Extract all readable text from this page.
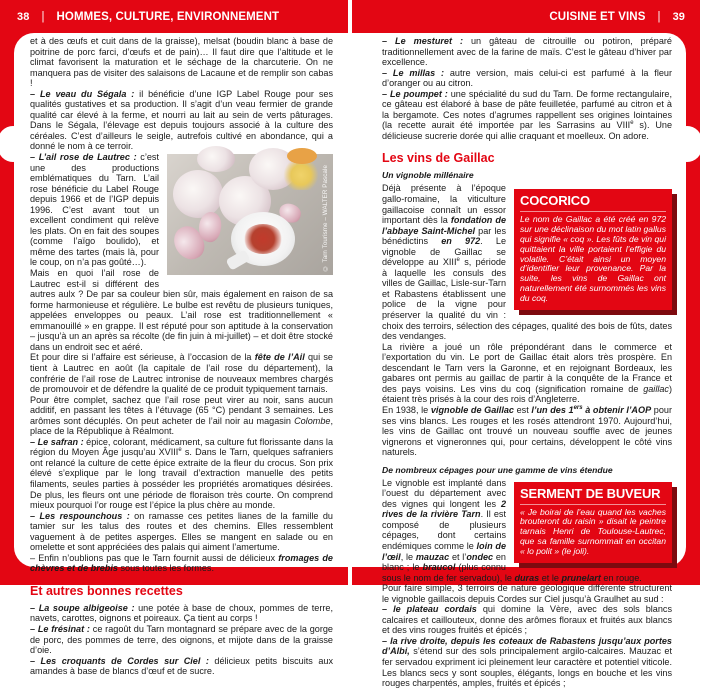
38 | HOMMES, CULTURE, ENVIRONNEMENT

et à des œufs et cuit dans de la graisse), melsat (boudin blanc à base de poitrine de porc farci, d’œufs et de pain)… Il faut dire que l’altitude et le climat favorisent la maturation et le séchage de la charcuterie. On ne manquera pas de visiter des salaisons de Lacaune et de remplir son cabas !

– Le veau du Ségala : il bénéficie d’une IGP Label Rouge pour ses qualités gustatives et sa production. Il s’agit d’un veau fermier de grande qualité car élevé à la ferme, et nourri au lait au sein de verts pâturages. Dans le Ségala, l’élevage est depuis toujours associé à la culture des céréales. C’est d’ailleurs le seigle, autrefois cultivé en abondance, qui a donné le nom à ce terroir.

© Tarn Tourisme – WALTER Pascale

– L’ail rose de Lautrec : c’est une des productions emblématiques du Tarn. L’ail rose bénéficie du Label Rouge depuis 1966 et de l’IGP depuis 1996. C’est avant tout un excellent condiment qui relève les plats. On en fait des soupes (comme l’aïgo boulido), et même des tartes (mais là, pour le coup, on n’a pas goûté…).

Mais en quoi l’ail rose de Lautrec est-il si différent des autres aulx ? De par sa couleur bien sûr, mais également en raison de sa forme harmonieuse et régulière. Le bulbe est revêtu de plusieurs tuniques, appelées enveloppes ou peaux. L’ail rose est traditionnellement « emmanouillé » en grappe. Il est réputé pour son aptitude à la conservation – jusqu’à un an après sa récolte (de fin juin à mi-juillet) – et doit être stocké dans un endroit sec et aéré.

Et pour dire si l’affaire est sérieuse, à l’occasion de la fête de l’Ail qui se tient à Lautrec en août (la capitale de l’ail rose du département), la confrérie de l’ail rose de Lautrec intronise de nouveaux membres chargés de promouvoir et de défendre la qualité de ce produit typiquement tarnais.

Pour être complet, sachez que l’ail rose peut virer au noir, sans aucun additif, en passant les têtes à l’étuvage (65 °C) pendant 3 semaines. Les arômes sont décuplés. On peut acheter de l’ail noir au magasin Colombe, place de la République à Réalmont.

– Le safran : épice, colorant, médicament, sa culture fut florissante dans la région du Moyen Âge jusqu’au XVIIIe s. Dans le Tarn, quelques safraniers ont relancé la culture de cette épice extraite de la fleur du crocus. Son prix élevé s’explique par le long travail d’extraction manuelle des petits filaments, seules parties à posséder les propriétés aromatiques désirées. De plus, les fleurs ont une période de floraison très courte. On comprend mieux pourquoi l’or rouge est l’épice la plus chère au monde.

– Les respounchous : on ramasse ces petites lianes de la famille du tamier sur les talus des routes et des chemins. Elles ressemblent vaguement à de petites asperges. Elles se mangent en salade ou en omelette et sont appréciées des palais qui aiment l’amertume.

– Enfin n’oublions pas que le Tarn fournit aussi de délicieux fromages de chèvres et de brebis sous toutes les formes.

Et autres bonnes recettes

– La soupe albigeoise : une potée à base de choux, pommes de terre, navets, carottes, oignons et poireaux. Ça tient au corps !

– Le frésinat : ce ragoût du Tarn montagnard se prépare avec de la gorge de porc, des pommes de terre, des oignons, et mijote dans de la graisse d’oie.

– Les croquants de Cordes sur Ciel : délicieux petits biscuits aux amandes à base de blancs d’œuf et de sucre.

CUISINE ET VINS | 39

– Le mesturet : un gâteau de citrouille ou potiron, préparé traditionnellement avec de la farine de maïs. C’est le gâteau d’hiver par excellence.

– Le millas : autre version, mais celui-ci est parfumé à la fleur d’oranger ou au citron.

– Le poumpet : une spécialité du sud du Tarn. De forme rectangulaire, ce gâteau est élaboré à base de pâte feuilletée, parfumé au citron et à la bergamote. Ces notes d’agrumes rappellent ses origines lointaines (la recette aurait été importée par les Sarrasins au VIIIe s). Une délicieuse sucrerie dorée qui allie craquant et moelleux. On adore.

Les vins de Gaillac
Un vignoble millénaire
COCORICO
Le nom de Gaillac a été créé en 972 sur une déclinaison du mot latin gallus qui signifie « coq ». Les fûts de vin qui quittaient la ville portaient l’effigie du volatile. C’était ainsi un moyen d’identifier leur provenance. Par la suite, les vins de Gaillac ont naturellement été surnommés les vins du coq.

Déjà présente à l’époque gallo-romaine, la viticulture gaillacoise connaît un essor important dès la fondation de l’abbaye Saint-Michel par les bénédictins en 972. Le vignoble de Gaillac se développe au XIIIe s, période à laquelle les consuls des villes de Gaillac, Lisle-sur-Tarn et Rabastens établissent une police de la vigne pour préserver la qualité du vin : choix des terroirs, sélection des cépages, qualité des bois de fûts, dates des vendanges.

La rivière a joué un rôle prépondérant dans le commerce et l’exportation du vin. Le port de Gaillac était alors très prospère. En descendant le Tarn vers la Garonne, et en rejoignant Bordeaux, les gabares ont permis au gaillac de partir à la conquête de la France et des pays voisins. Les vins du coq (signification romaine de gaillac) étaient très prisés à la cour des rois d’Angleterre.

En 1938, le vignoble de Gaillac est l’un des 1ers à obtenir l’AOP pour ses vins blancs. Les rouges et les rosés attendront 1970. Aujourd’hui, les vins de Gaillac ont trouvé un nouveau souffle avec de jeunes vignerons et vigneronnes qui, pour certains, développent le côté vins naturels.

De nombreux cépages pour une gamme de vins étendue
SERMENT DE BUVEUR
« Je boirai de l’eau quand les vaches brouteront du raisin » disait le peintre tarnais Henri de Toulouse-Lautrec, que sa famille surnommait en occitan « lo polit » (le joli).

Le vignoble est implanté dans l’ouest du département avec des vignes qui longent les 2 rives de la rivière Tarn. Il est composé de plusieurs cépages, dont certains endémiques comme le loin de l’œil, le mauzac et l’ondec en blanc ; le braucol (plus connu sous le nom de fer servadou), le duras et le prunelart en rouge.

Pour faire simple, 3 terroirs de nature géologique différente structurent le vignoble gaillacois depuis Cordes sur Ciel jusqu’à Graulhet au sud :

– le plateau cordais qui domine la Vère, avec des sols blancs calcaires et caillouteux, donne des arômes floraux et fruités aux blancs et des vins rouges fruités et épicés ;

– la rive droite, depuis les coteaux de Rabastens jusqu’aux portes d’Albi, s’étend sur des sols principalement argilo-calcaires. Mauzac et fer servadou expriment ici pleinement leur caractère et potentiel viticole. Les blancs secs y sont souples, élégants, longs en bouche et les vins rouges charpentés, amples, fruités et épicés ;
